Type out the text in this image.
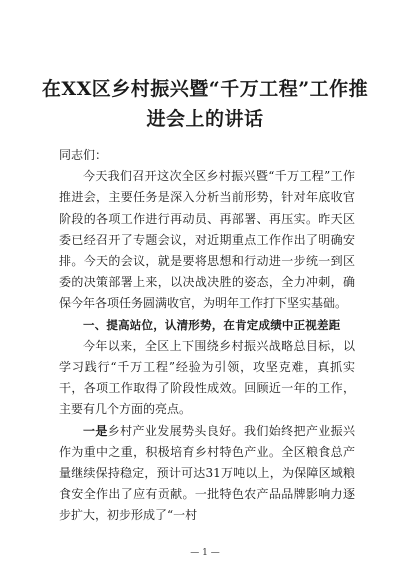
在XX区乡村振兴暨“千万工程”工作推
进会上的讲话

同志们：

今天我们召开这次全区乡村振兴暨“千万工程”工作推进会，主要任务是深入分析当前形势，针对年底收官阶段的各项工作进行再动员、再部署、再压实。昨天区委已经召开了专题会议，对近期重点工作作出了明确安排。今天的会议，就是要将思想和行动进一步统一到区委的决策部署上来，以决战决胜的姿态，全力冲刺，确保今年各项任务圆满收官，为明年工作打下坚实基础。

一、提高站位，认清形势，在肯定成绩中正视差距

今年以来，全区上下围绕乡村振兴战略总目标，以学习践行“千万工程”经验为引领，攻坚克难，真抓实干，各项工作取得了阶段性成效。回顾近一年的工作，主要有几个方面的亮点。

一是乡村产业发展势头良好。我们始终把产业振兴作为重中之重，积极培育乡村特色产业。全区粮食总产量继续保持稳定，预计可达31万吨以上，为保障区域粮食安全作出了应有贡献。一批特色农产品品牌影响力逐步扩大，初步形成了“一村

— 1 —
